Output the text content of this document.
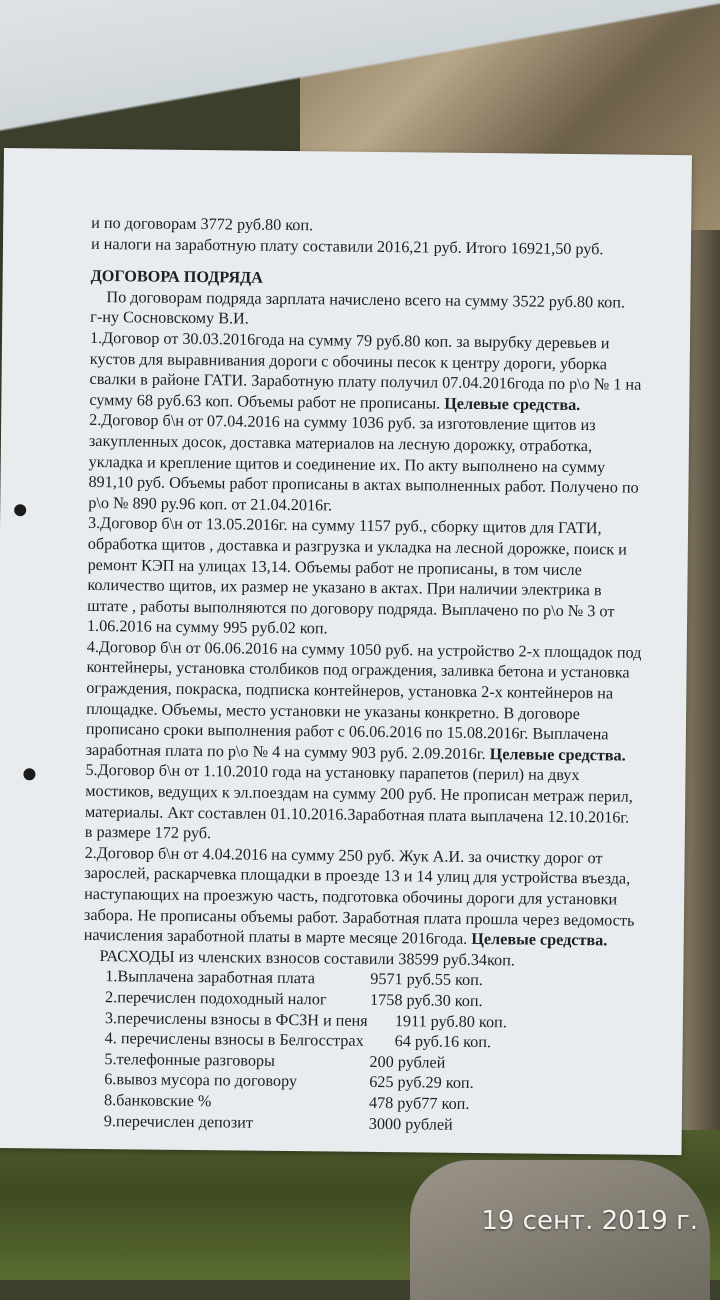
и по договорам 3772 руб.80 коп.

и налоги на заработную плату составили 2016,21 руб. Итого 16921,50 руб.

ДОГОВОРА ПОДРЯДА

По договорам подряда зарплата начислено всего на сумму 3522 руб.80 коп.

г-ну Сосновскому В.И.

1.Договор от 30.03.2016года на сумму 79 руб.80 коп. за вырубку деревьев и

кустов для выравнивания дороги с обочины песок к центру дороги, уборка

свалки в районе ГАТИ. Заработную плату получил 07.04.2016года по р\о № 1 на

сумму 68 руб.63 коп. Объемы работ не прописаны. Целевые средства.

2.Договор б\н от 07.04.2016 на сумму 1036 руб. за изготовление щитов из

закупленных досок, доставка материалов на лесную дорожку, отработка,

укладка и крепление щитов и соединение их. По акту выполнено на сумму

891,10 руб. Объемы работ прописаны в актах выполненных работ. Получено по

р\о № 890 ру.96 коп. от 21.04.2016г.

3.Договор б\н от 13.05.2016г. на сумму 1157 руб., сборку щитов для ГАТИ,

обработка щитов , доставка и разгрузка и укладка на лесной дорожке, поиск и

ремонт КЭП на улицах 13,14. Объемы работ не прописаны, в том числе

количество щитов, их размер не указано в актах. При наличии электрика в

штате , работы выполняются по договору подряда. Выплачено по р\о № 3 от

1.06.2016 на сумму 995 руб.02 коп.

4.Договор б\н от 06.06.2016 на сумму 1050 руб. на устройство 2-х площадок под

контейнеры, установка столбиков под ограждения, заливка бетона и установка

ограждения, покраска, подписка контейнеров, установка 2-х контейнеров на

площадке. Объемы, место установки не указаны конкретно. В договоре

прописано сроки выполнения работ с 06.06.2016 по 15.08.2016г. Выплачена

заработная плата по р\о № 4 на сумму 903 руб. 2.09.2016г. Целевые средства.

5.Договор б\н от 1.10.2010 года на установку парапетов (перил) на двух

мостиков, ведущих к эл.поездам на сумму 200 руб. Не прописан метраж перил,

материалы. Акт составлен 01.10.2016.Заработная плата выплачена 12.10.2016г.

в размере 172 руб.

2.Договор б\н от 4.04.2016 на сумму 250 руб. Жук А.И. за очистку дорог от

зарослей, раскарчевка площадки в проезде 13 и 14 улиц для устройства въезда,

наступающих на проезжую часть, подготовка обочины дороги для установки

забора. Не прописаны объемы работ. Заработная плата прошла через ведомость

начисления заработной платы в марте месяце 2016года. Целевые средства.

РАСХОДЫ из членских взносов составили 38599 руб.34коп.

1.Выплачена заработная плата	9571 руб.55 коп.
2.перечислен подоходный налог	1758 руб.30 коп.
3.перечислены взносы в ФСЗН и пеня	1911 руб.80 коп.
4. перечислены взносы в Белгосстрах	64 руб.16 коп.
5.телефонные разговоры	200 рублей
6.вывоз мусора по договору	625 руб.29 коп.
8.банковские %	478 руб77 коп.
9.перечислен депозит	3000 рублей
19 сент. 2019 г.
